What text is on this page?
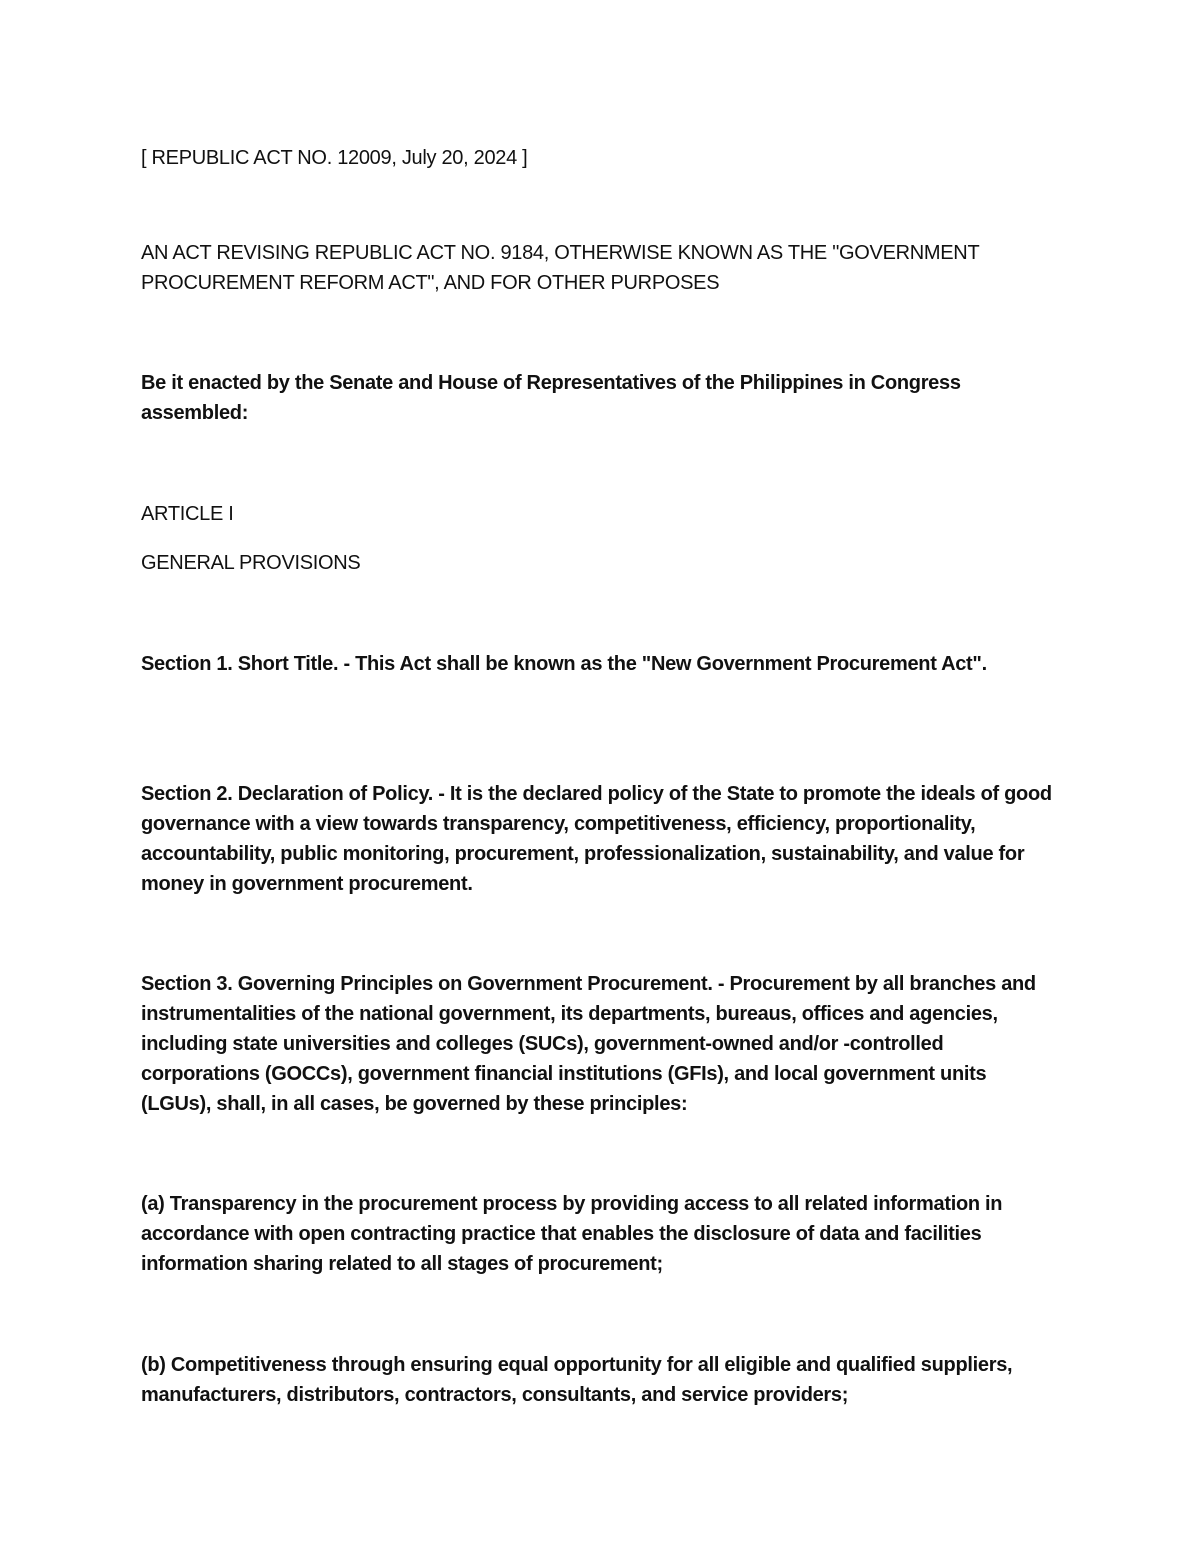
[ REPUBLIC ACT NO. 12009, July 20, 2024 ]

AN ACT REVISING REPUBLIC ACT NO. 9184, OTHERWISE KNOWN AS THE "GOVERNMENT PROCUREMENT REFORM ACT", AND FOR OTHER PURPOSES

Be it enacted by the Senate and House of Representatives of the Philippines in Congress assembled:

ARTICLE I

GENERAL PROVISIONS

Section 1. Short Title. - This Act shall be known as the "New Government Procurement Act".

Section 2. Declaration of Policy. - It is the declared policy of the State to promote the ideals of good governance with a view towards transparency, competitiveness, efficiency, proportionality, accountability, public monitoring, procurement, professionalization, sustainability, and value for money in government procurement.

Section 3. Governing Principles on Government Procurement. - Procurement by all branches and instrumentalities of the national government, its departments, bureaus, offices and agencies, including state universities and colleges (SUCs), government-owned and/or -controlled corporations (GOCCs), government financial institutions (GFIs), and local government units (LGUs), shall, in all cases, be governed by these principles:

(a) Transparency in the procurement process by providing access to all related information in accordance with open contracting practice that enables the disclosure of data and facilities information sharing related to all stages of procurement;

(b) Competitiveness through ensuring equal opportunity for all eligible and qualified suppliers, manufacturers, distributors, contractors, consultants, and service providers;
